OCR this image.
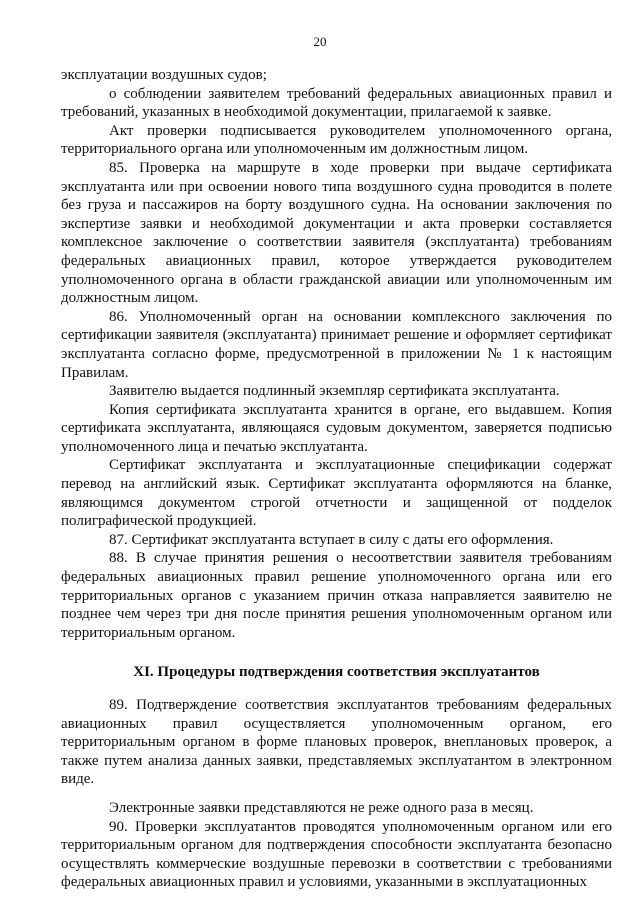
20

эксплуатации воздушных судов;

о соблюдении заявителем требований федеральных авиационных правил и требований, указанных в необходимой документации, прилагаемой к заявке.

Акт проверки подписывается руководителем уполномоченного органа, территориального органа или уполномоченным им должностным лицом.

85. Проверка на маршруте в ходе проверки при выдаче сертификата эксплуатанта или при освоении нового типа воздушного судна проводится в полете без груза и пассажиров на борту воздушного судна. На основании заключения по экспертизе заявки и необходимой документации и акта проверки составляется комплексное заключение о соответствии заявителя (эксплуатанта) требованиям федеральных авиационных правил, которое утверждается руководителем уполномоченного органа в области гражданской авиации или уполномоченным им должностным лицом.

86. Уполномоченный орган на основании комплексного заключения по сертификации заявителя (эксплуатанта) принимает решение и оформляет сертификат эксплуатанта согласно форме, предусмотренной в приложении № 1 к настоящим Правилам.

Заявителю выдается подлинный экземпляр сертификата эксплуатанта.

Копия сертификата эксплуатанта хранится в органе, его выдавшем. Копия сертификата эксплуатанта, являющаяся судовым документом, заверяется подписью уполномоченного лица и печатью эксплуатанта.

Сертификат эксплуатанта и эксплуатационные спецификации содержат перевод на английский язык. Сертификат эксплуатанта оформляются на бланке, являющимся документом строгой отчетности и защищенной от подделок полиграфической продукцией.

87. Сертификат эксплуатанта вступает в силу с даты его оформления.

88. В случае принятия решения о несоответствии заявителя требованиям федеральных авиационных правил решение уполномоченного органа или его территориальных органов с указанием причин отказа направляется заявителю не позднее чем через три дня после принятия решения уполномоченным органом или территориальным органом.

XI. Процедуры подтверждения соответствия эксплуатантов

89. Подтверждение соответствия эксплуатантов требованиям федеральных авиационных правил осуществляется уполномоченным органом, его территориальным органом в форме плановых проверок, внеплановых проверок, а также путем анализа данных заявки, представляемых эксплуатантом в электронном виде.

Электронные заявки представляются не реже одного раза в месяц.

90. Проверки эксплуатантов проводятся уполномоченным органом или его территориальным органом для подтверждения способности эксплуатанта безопасно осуществлять коммерческие воздушные перевозки в соответствии с требованиями федеральных авиационных правил и условиями, указанными в эксплуатационных
